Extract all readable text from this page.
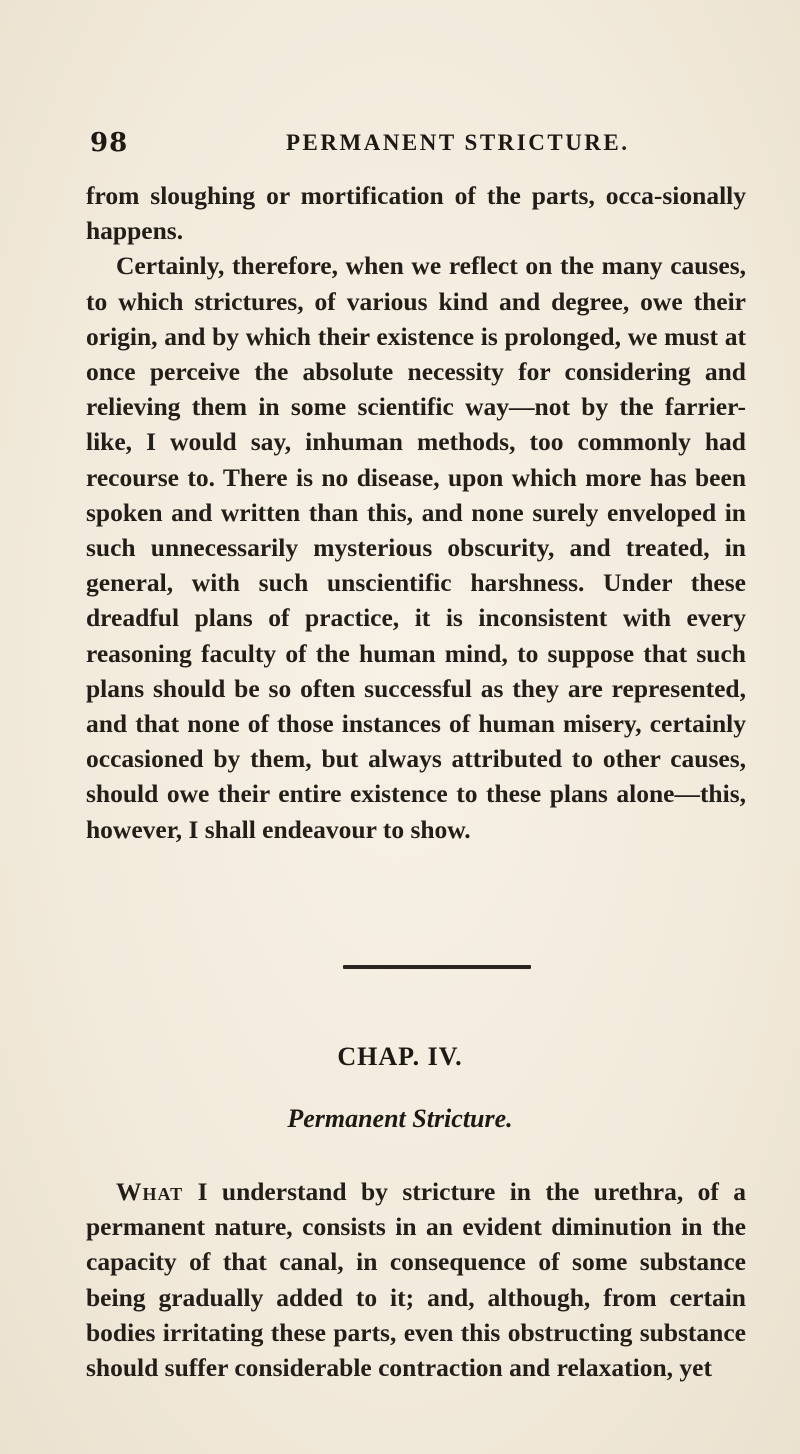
98	PERMANENT STRICTURE.

from sloughing or mortification of the parts, occa-sionally happens.

Certainly, therefore, when we reflect on the many causes, to which strictures, of various kind and degree, owe their origin, and by which their existence is prolonged, we must at once perceive the absolute necessity for considering and relieving them in some scientific way—not by the farrier-like, I would say, inhuman methods, too commonly had recourse to. There is no disease, upon which more has been spoken and written than this, and none surely enveloped in such unnecessarily mysterious obscurity, and treated, in general, with such unscientific harshness. Under these dreadful plans of practice, it is inconsistent with every reasoning faculty of the human mind, to suppose that such plans should be so often successful as they are represented, and that none of those instances of human misery, certainly occasioned by them, but always attributed to other causes, should owe their entire existence to these plans alone—this, however, I shall endeavour to show.

CHAP. IV.
Permanent Stricture.

What I understand by stricture in the urethra, of a permanent nature, consists in an evident diminution in the capacity of that canal, in consequence of some substance being gradually added to it; and, although, from certain bodies irritating these parts, even this obstructing substance should suffer considerable contraction and relaxation, yet
